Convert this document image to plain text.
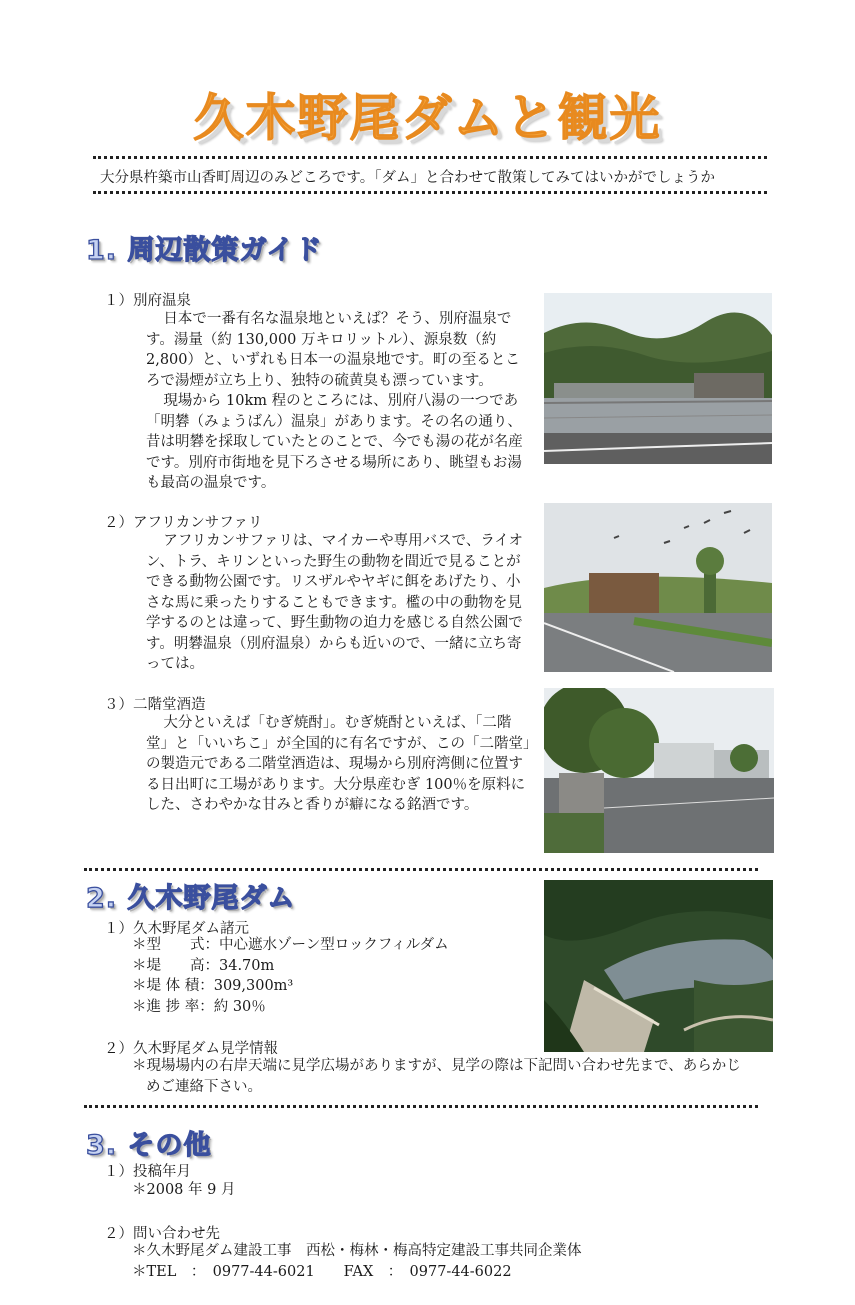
久木野尾ダムと観光
大分県杵築市山香町周辺のみどころです。「ダム」と合わせて散策してみてはいかがでしょうか
1. 周辺散策ガイド
１）別府温泉

日本で一番有名な温泉地といえば？そう、別府温泉です。湯量（約 130,000 万キロリットル）、源泉数（約 2,800）と、いずれも日本一の温泉地です。町の至るところで湯煙が立ち上り、独特の硫黄臭も漂っています。

現場から 10km 程のところには、別府八湯の一つであ「明礬（みょうばん）温泉」があります。その名の通り、昔は明礬を採取していたとのことで、今でも湯の花が名産です。別府市街地を見下ろさせる場所にあり、眺望もお湯も最高の温泉です。

２）アフリカンサファリ

アフリカンサファリは、マイカーや専用バスで、ライオン、トラ、キリンといった野生の動物を間近で見ることができる動物公園です。リスザルやヤギに餌をあげたり、小さな馬に乗ったりすることもできます。檻の中の動物を見学するのとは違って、野生動物の迫力を感じる自然公園です。明礬温泉（別府温泉）からも近いので、一緒に立ち寄っては。

３）二階堂酒造

大分といえば「むぎ焼酎」。むぎ焼酎といえば、「二階堂」と「いいちこ」が全国的に有名ですが、この「二階堂」の製造元である二階堂酒造は、現場から別府湾側に位置する日出町に工場があります。大分県産むぎ 100％を原料にした、さわやかな甘みと香りが癖になる銘酒です。

2. 久木野尾ダム
１）久木野尾ダム諸元
＊型　　式：中心遮水ゾーン型ロックフィルダム
＊堤　　高：34.70m
＊堤 体 積：309,300m³
＊進 捗 率：約 30％
２）久木野尾ダム見学情報
＊現場場内の右岸天端に見学広場がありますが、見学の際は下記問い合わせ先まで、あらかじ
めご連絡下さい。
3. その他
１）投稿年月
＊2008 年 9 月
２）問い合わせ先
＊久木野尾ダム建設工事　西松・梅林・梅高特定建設工事共同企業体
＊TEL　：　0977-44-6021　　FAX　：　0977-44-6022
